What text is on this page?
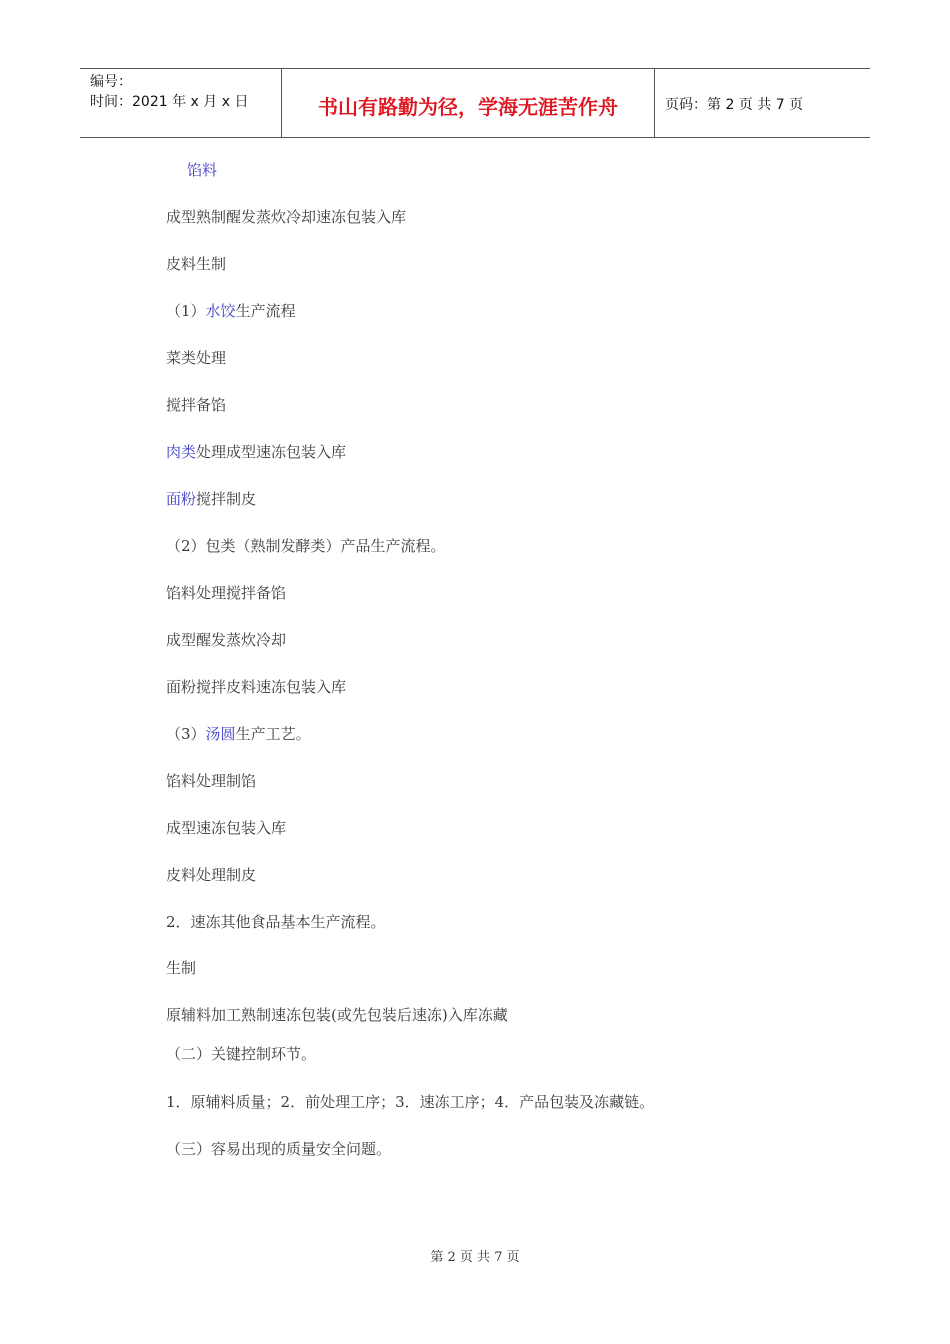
编号：
时间：2021 年 x 月 x 日	书山有路勤为径，学海无涯苦作舟	页码：第 2 页 共 7 页
馅料
成型熟制醒发蒸炊冷却速冻包装入库
皮料生制
（1）水饺生产流程
菜类处理
搅拌备馅
肉类处理成型速冻包装入库
面粉搅拌制皮
（2）包类（熟制发酵类）产品生产流程。
馅料处理搅拌备馅
成型醒发蒸炊冷却
面粉搅拌皮料速冻包装入库
（3）汤圆生产工艺。
馅料处理制馅
成型速冻包装入库
皮料处理制皮
2．速冻其他食品基本生产流程。
生制
原辅料加工熟制速冻包装(或先包装后速冻)入库冻藏
（二）关键控制环节。
1．原辅料质量；2．前处理工序；3．速冻工序；4．产品包装及冻藏链。
（三）容易出现的质量安全问题。
第 2 页 共 7 页
